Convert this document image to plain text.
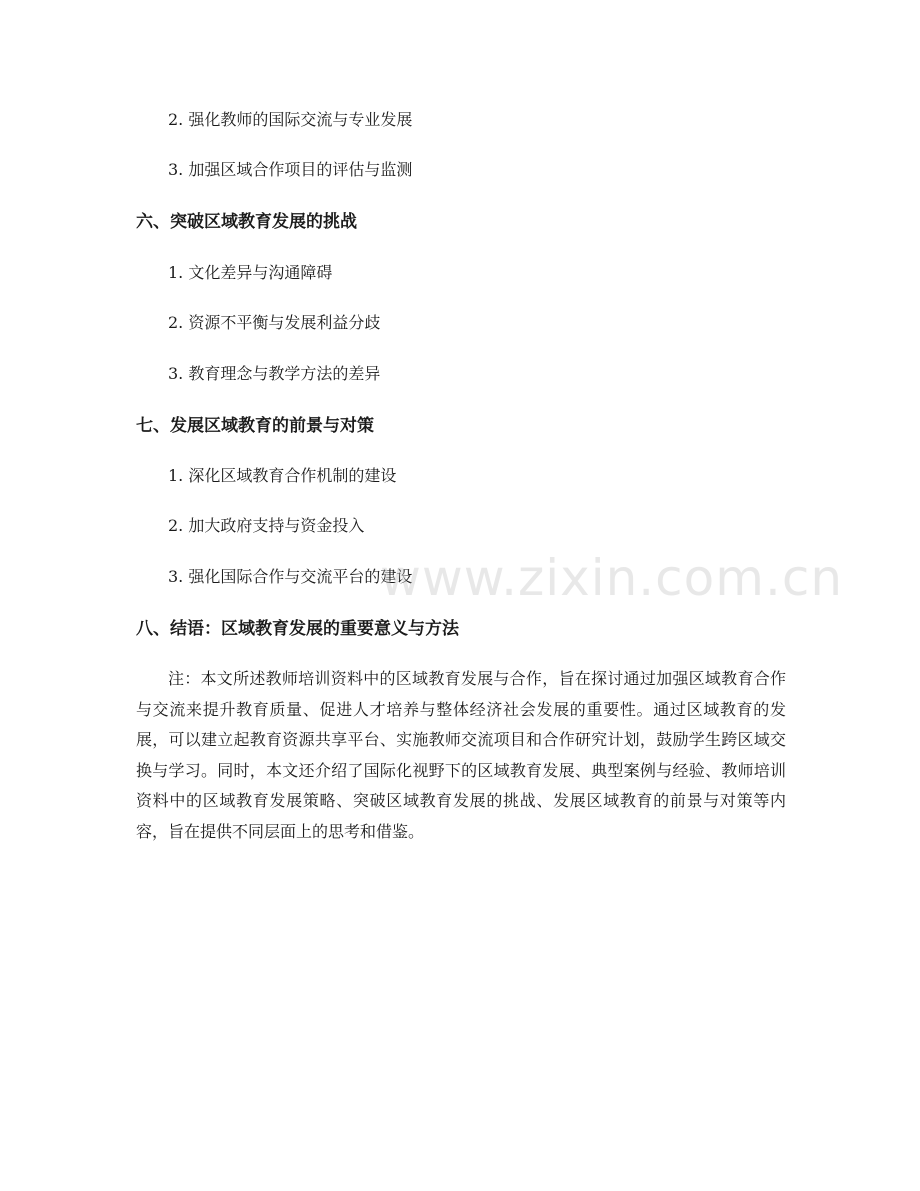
2. 强化教师的国际交流与专业发展
3. 加强区域合作项目的评估与监测
六、突破区域教育发展的挑战
1. 文化差异与沟通障碍
2. 资源不平衡与发展利益分歧
3. 教育理念与教学方法的差异
七、发展区域教育的前景与对策
1. 深化区域教育合作机制的建设
2. 加大政府支持与资金投入
3. 强化国际合作与交流平台的建设
八、结语：区域教育发展的重要意义与方法
注：本文所述教师培训资料中的区域教育发展与合作，旨在探讨通过加强区域教育合作与交流来提升教育质量、促进人才培养与整体经济社会发展的重要性。通过区域教育的发展，可以建立起教育资源共享平台、实施教师交流项目和合作研究计划，鼓励学生跨区域交换与学习。同时，本文还介绍了国际化视野下的区域教育发展、典型案例与经验、教师培训资料中的区域教育发展策略、突破区域教育发展的挑战、发展区域教育的前景与对策等内容，旨在提供不同层面上的思考和借鉴。
www.zixin.com.cn
